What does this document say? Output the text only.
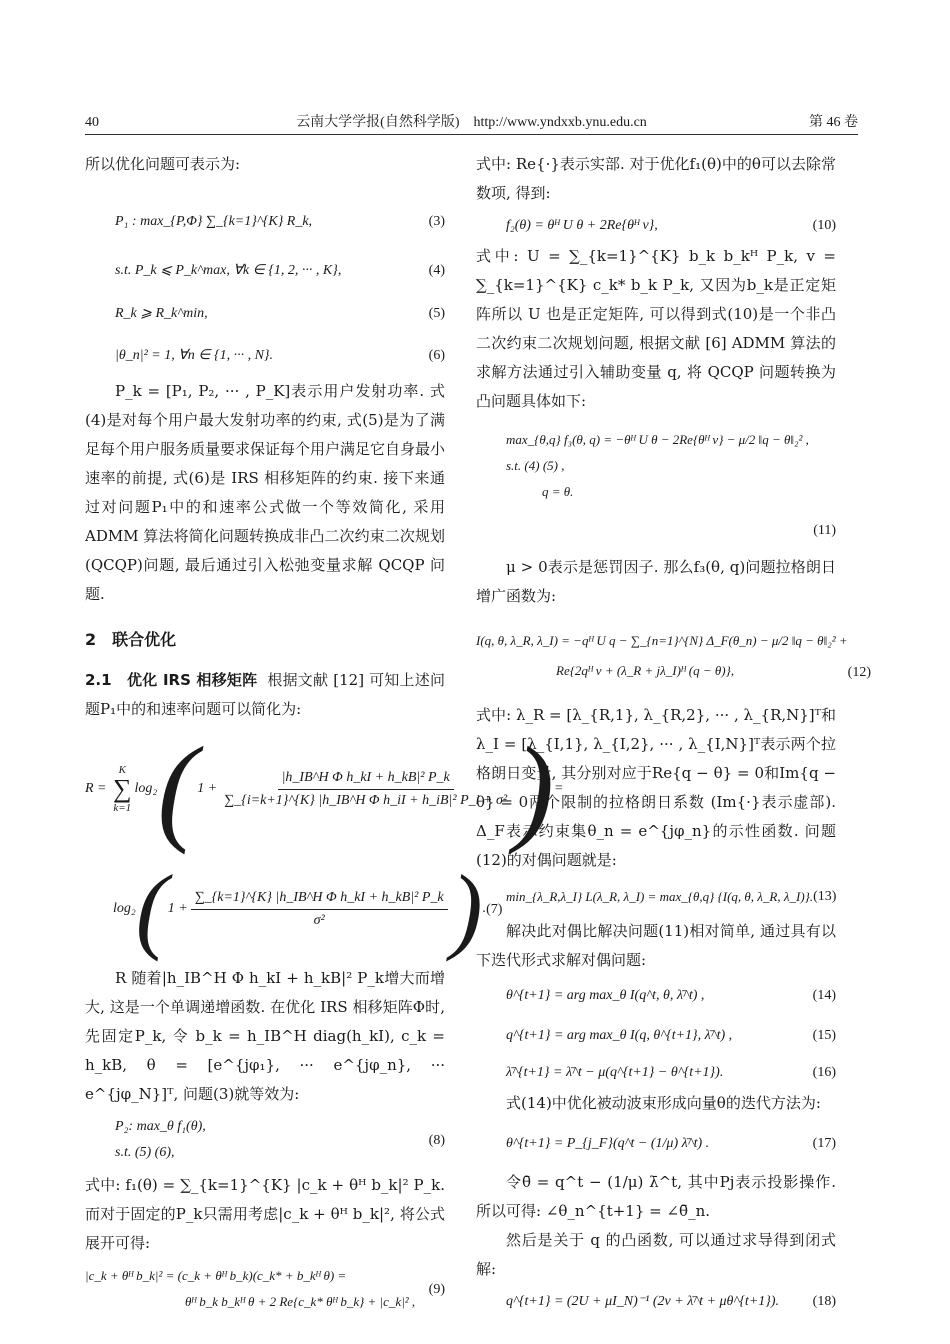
40	云南大学学报(自然科学版)　http://www.yndxxb.ynu.edu.cn	第 46 卷

所以优化问题可表示为:

P₁ : max_{P,Φ} ∑_{k=1}^{K} R_k,	(3)
s.t. P_k ⩽ P_k^max, ∀k ∈ {1, 2, ··· , K},	(4)
R_k ⩾ R_k^min,	(5)
|θ_n|² = 1, ∀n ∈ {1, ··· , N}.	(6)

P_k = [P₁, P₂, ··· , P_K]表示用户发射功率. 式(4)是对每个用户最大发射功率的约束, 式(5)是为了满足每个用户服务质量要求保证每个用户满足它自身最小速率的前提, 式(6)是 IRS 相移矩阵的约束. 接下来通过对问题P₁中的和速率公式做一个等效简化, 采用 ADMM 算法将简化问题转换成非凸二次约束二次规划(QCQP)问题, 最后通过引入松弛变量求解 QCQP 问题.

2　联合优化

2.1　优化 IRS 相移矩阵 根据文献 [12] 可知上述问题P₁中的和速率问题可以简化为:

R =
K
∑
k=1
$\log_2(1 + \frac{\text{|h\_IB\textasciicircum{}H Φ h\_kI + h\_kB|² P\_k}}{\text{∑\_\{i=k+1\}\textasciicircum{}\{K\} |h\_IB\textasciicircum{}H Φ h\_iI + h\_iB|² P\_i + σ²}}$ )=
$\log_2(1 + \frac{\text{∑\_\{k=1\}\textasciicircum{}\{K\} |h\_IB\textasciicircum{}H Φ h\_kI + h\_kB|² P\_k}}{\text{σ²}}$ ). (7)

R 随着|h_IB^H Φ h_kI + h_kB|² P_k增大而增大, 这是一个单调递增函数. 在优化 IRS 相移矩阵Φ时, 先固定P_k, 令 b_k = h_IB^H diag(h_kI), c_k = h_kB, θ = [e^{jφ₁}, ··· e^{jφ_n}, ··· e^{jφ_N}]ᵀ, 问题(3)就等效为:

P₂: max_θ f₁(θ),
s.t. (5) (6),
(8)

式中: f₁(θ) = ∑_{k=1}^{K} |c_k + θᴴ b_k|² P_k. 而对于固定的P_k只需用考虑|c_k + θᴴ b_k|², 将公式展开可得:

|c_k + θᴴ b_k|² = (c_k + θᴴ b_k)(c_k* + b_kᴴ θ) =
θᴴ b_k b_kᴴ θ + 2 Re{c_k* θᴴ b_k} + |c_k|² ,
(9)

式中: Re{·}表示实部. 对于优化f₁(θ)中的θ可以去除常数项, 得到:

f₂(θ) = θᴴ U θ + 2Re{θᴴ v},	(10)

式中: U = ∑_{k=1}^{K} b_k b_kᴴ P_k, v = ∑_{k=1}^{K} c_k* b_k P_k, 又因为b_k是正定矩阵所以 U 也是正定矩阵, 可以得到式(10)是一个非凸二次约束二次规划问题, 根据文献 [6] ADMM 算法的求解方法通过引入辅助变量 q, 将 QCQP 问题转换为凸问题具体如下:

max_{θ,q} f₃(θ, q) = −θᴴ U θ − 2Re{θᴴ v} − μ/2 ‖q − θ‖₂² ,
s.t. (4) (5) ,
q = θ.
(11)

μ > 0表示是惩罚因子. 那么f₃(θ, q)问题拉格朗日增广函数为:

I(q, θ, λ_R, λ_I) = −qᴴ U q − ∑_{n=1}^{N} Δ_F(θ_n) − μ/2 ‖q − θ‖₂² +
Re{2qᴴ v + (λ_R + jλ_I)ᴴ (q − θ)},	(12)

式中: λ_R = [λ_{R,1}, λ_{R,2}, ··· , λ_{R,N}]ᵀ和 λ_I = [λ_{I,1}, λ_{I,2}, ··· , λ_{I,N}]ᵀ表示两个拉格朗日变量, 其分别对应于Re{q − θ} = 0和Im{q − θ} = 0两个限制的拉格朗日系数 (Im{·}表示虚部). Δ_F表示约束集θ_n = e^{jφ_n}的示性函数. 问题(12)的对偶问题就是:

min_{λ_R,λ_I} L(λ_R, λ_I) = max_{θ,q} {I(q, θ, λ_R, λ_I)}. (13)

解决此对偶比解决问题(11)相对简单, 通过具有以下迭代形式求解对偶问题:

θ^{t+1} = arg max_θ I(q^t, θ, λ̄^t) ,	(14)
q^{t+1} = arg max_θ I(q, θ^{t+1}, λ̄^t) ,	(15)
λ̄^{t+1} = λ̄^t − μ(q^{t+1} − θ^{t+1}).	(16)

式(14)中优化被动波束形成向量θ的迭代方法为:

θ^{t+1} = P_{j_F}(q^t − (1/μ) λ̄^t) .	(17)

令θ̄ = q^t − (1/μ) λ̄^t, 其中Pj表示投影操作. 所以可得: ∠θ_n^{t+1} = ∠θ̄_n.

然后是关于 q 的凸函数, 可以通过求导得到闭式解:

q^{t+1} = (2U + μI_N)⁻¹ (2v + λ̄^t + μθ^{t+1}). (18)
